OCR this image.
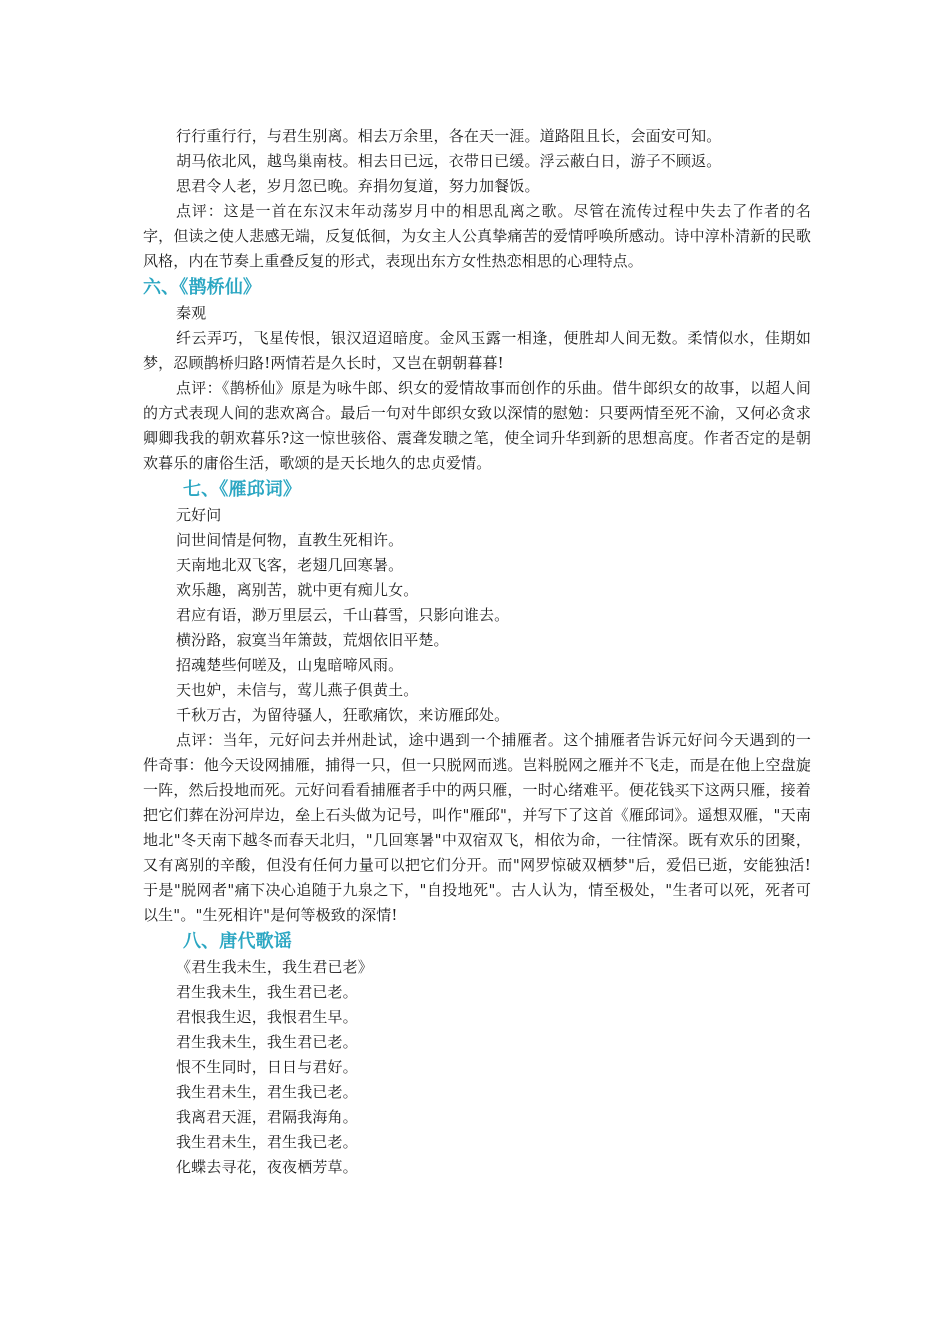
行行重行行，与君生别离。相去万余里，各在天一涯。道路阻且长，会面安可知。
胡马依北风，越鸟巢南枝。相去日已远，衣带日已缓。浮云蔽白日，游子不顾返。
思君令人老，岁月忽已晚。弃捐勿复道，努力加餐饭。
点评：这是一首在东汉末年动荡岁月中的相思乱离之歌。尽管在流传过程中失去了作者的名字，但读之使人悲感无端，反复低徊，为女主人公真挚痛苦的爱情呼唤所感动。诗中淳朴清新的民歌风格，内在节奏上重叠反复的形式，表现出东方女性热恋相思的心理特点。
六、《鹊桥仙》
秦观
纤云弄巧，飞星传恨，银汉迢迢暗度。金风玉露一相逢，便胜却人间无数。柔情似水，佳期如梦，忍顾鹊桥归路!两情若是久长时，又岂在朝朝暮暮!
点评：《鹊桥仙》原是为咏牛郎、织女的爱情故事而创作的乐曲。借牛郎织女的故事，以超人间的方式表现人间的悲欢离合。最后一句对牛郎织女致以深情的慰勉：只要两情至死不渝，又何必贪求卿卿我我的朝欢暮乐?这一惊世骇俗、震聋发聩之笔，使全词升华到新的思想高度。作者否定的是朝欢暮乐的庸俗生活，歌颂的是天长地久的忠贞爱情。
七、《雁邱词》
元好问
问世间情是何物，直教生死相许。
天南地北双飞客，老翅几回寒暑。
欢乐趣，离别苦，就中更有痴儿女。
君应有语，渺万里层云，千山暮雪，只影向谁去。
横汾路，寂寞当年箫鼓，荒烟依旧平楚。
招魂楚些何嗟及，山鬼暗啼风雨。
天也妒，未信与，莺儿燕子俱黄土。
千秋万古，为留待骚人，狂歌痛饮，来访雁邱处。
点评：当年，元好问去并州赴试，途中遇到一个捕雁者。这个捕雁者告诉元好问今天遇到的一件奇事：他今天设网捕雁，捕得一只，但一只脱网而逃。岂料脱网之雁并不飞走，而是在他上空盘旋一阵，然后投地而死。元好问看看捕雁者手中的两只雁，一时心绪难平。便花钱买下这两只雁，接着把它们葬在汾河岸边，垒上石头做为记号，叫作"雁邱"，并写下了这首《雁邱词》。遥想双雁，"天南地北"冬天南下越冬而春天北归，"几回寒暑"中双宿双飞，相依为命，一往情深。既有欢乐的团聚，又有离别的辛酸，但没有任何力量可以把它们分开。而"网罗惊破双栖梦"后，爱侣已逝，安能独活!于是"脱网者"痛下决心追随于九泉之下，"自投地死"。古人认为，情至极处，"生者可以死，死者可以生"。"生死相许"是何等极致的深情!
八、唐代歌谣
《君生我未生，我生君已老》
君生我未生，我生君已老。
君恨我生迟，我恨君生早。
君生我未生，我生君已老。
恨不生同时，日日与君好。
我生君未生，君生我已老。
我离君天涯，君隔我海角。
我生君未生，君生我已老。
化蝶去寻花，夜夜栖芳草。
